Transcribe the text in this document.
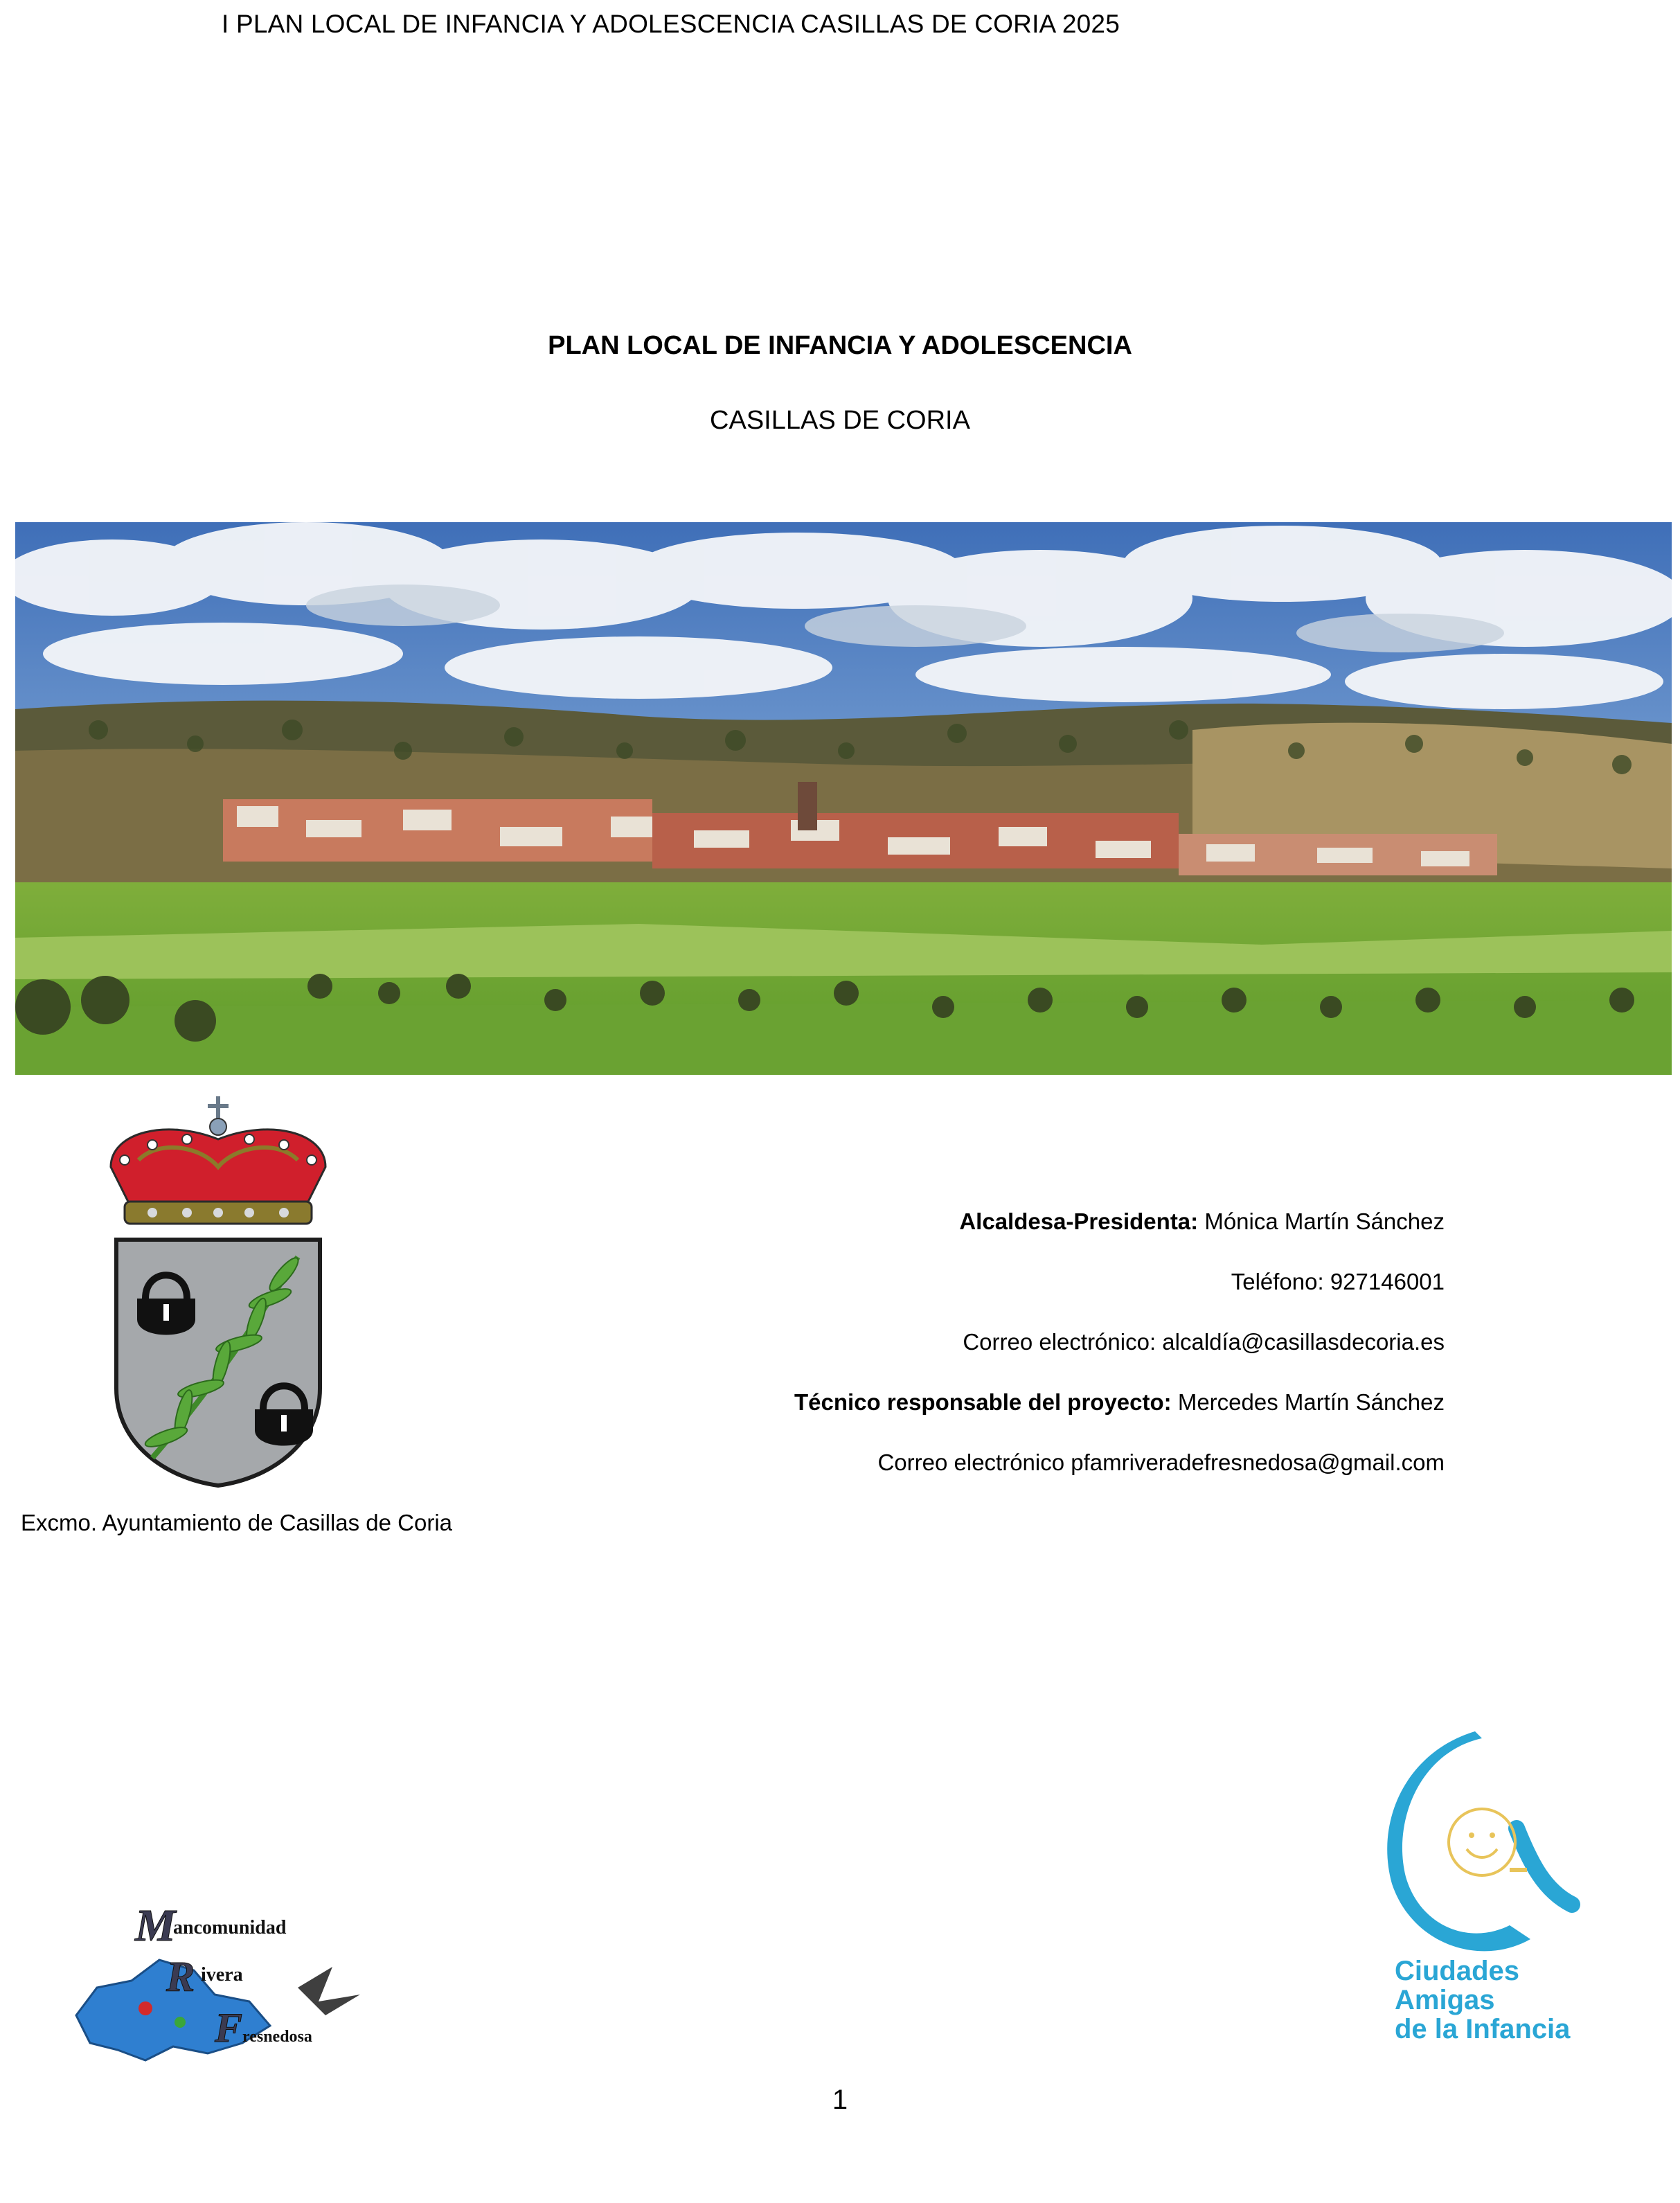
I PLAN LOCAL DE INFANCIA Y ADOLESCENCIA CASILLAS DE CORIA 2025
PLAN LOCAL DE INFANCIA Y ADOLESCENCIA
CASILLAS DE CORIA
Excmo. Ayuntamiento de Casillas de Coria
Alcaldesa-Presidenta: Mónica Martín Sánchez
Teléfono: 927146001
Correo electrónico: alcaldía@casillasdecoria.es
Técnico responsable del proyecto: Mercedes Martín Sánchez
Correo electrónico pfamriveradefresnedosa@gmail.com
M
ancomunidad
R ivera
F resnedosa
Ciudades
Amigas
de la Infancia
1
